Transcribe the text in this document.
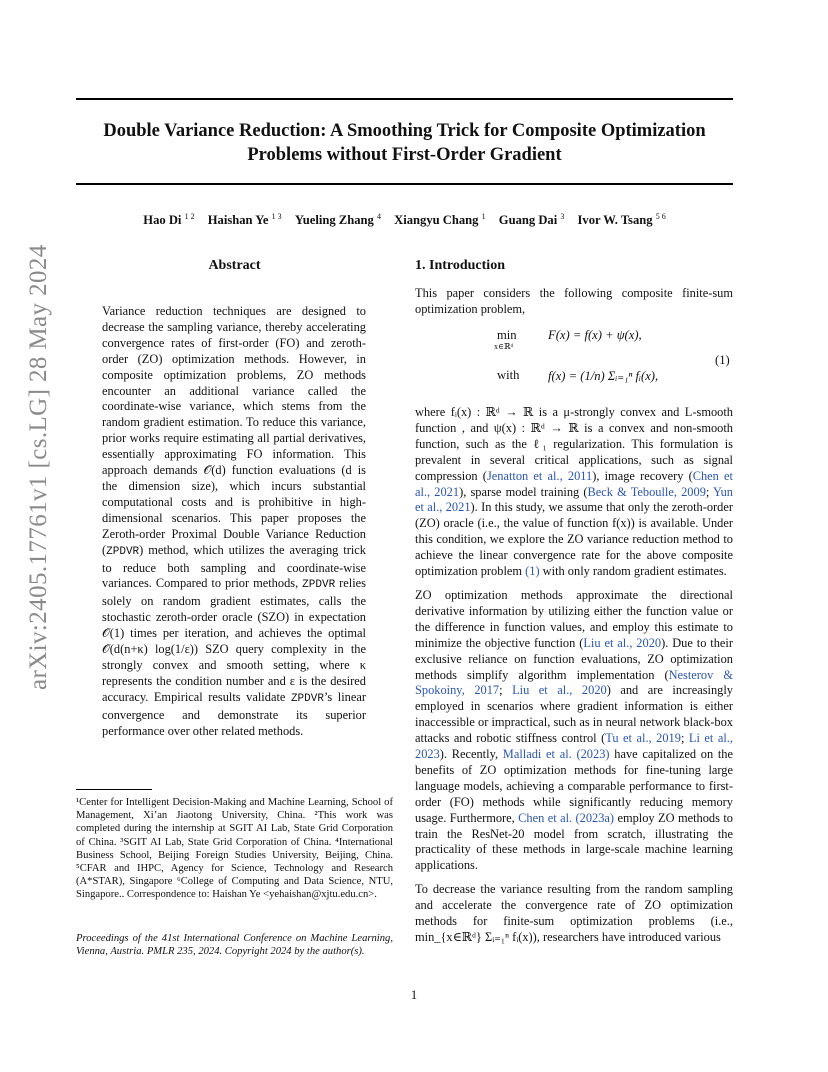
arXiv:2405.17761v1 [cs.LG] 28 May 2024
Double Variance Reduction: A Smoothing Trick for Composite Optimization
Problems without First-Order Gradient
Hao Di $^{1 2}$ Haishan Ye $^{1 3}$ Yueling Zhang $^4$ Xiangyu Chang $^1$ Guang Dai $^3$ Ivor W. Tsang $^{5 6}$
Abstract

Variance reduction techniques are designed to decrease the sampling variance, thereby accelerating convergence rates of first-order (FO) and zeroth-order (ZO) optimization methods. However, in composite optimization problems, ZO methods encounter an additional variance called the coordinate-wise variance, which stems from the random gradient estimation. To reduce this variance, prior works require estimating all partial derivatives, essentially approximating FO information. This approach demands 𝒪(d) function evaluations (d is the dimension size), which incurs substantial computational costs and is prohibitive in high-dimensional scenarios. This paper proposes the Zeroth-order Proximal Double Variance Reduction (ZPDVR) method, which utilizes the averaging trick to reduce both sampling and coordinate-wise variances. Compared to prior methods, ZPDVR relies solely on random gradient estimates, calls the stochastic zeroth-order oracle (SZO) in expectation 𝒪(1) times per iteration, and achieves the optimal 𝒪(d(n+κ) log(1/ε)) SZO query complexity in the strongly convex and smooth setting, where κ represents the condition number and ε is the desired accuracy. Empirical results validate ZPDVR’s linear convergence and demonstrate its superior performance over other related methods.

1. Introduction

This paper considers the following composite finite-sum optimization problem,

min
x∈ℝᵈ
F(x) = f(x) + ψ(x),
with f(x) = (1/n) Σᵢ₌₁ⁿ fᵢ(x),
(1)

where fᵢ(x) : ℝᵈ → ℝ is a μ-strongly convex and L-smooth function , and ψ(x) : ℝᵈ → ℝ is a convex and non-smooth function, such as the ℓ₁ regularization. This formulation is prevalent in several critical applications, such as signal compression (Jenatton et al., 2011), image recovery (Chen et al., 2021), sparse model training (Beck & Teboulle, 2009; Yun et al., 2021). In this study, we assume that only the zeroth-order (ZO) oracle (i.e., the value of function f(x)) is available. Under this condition, we explore the ZO variance reduction method to achieve the linear convergence rate for the above composite optimization problem (1) with only random gradient estimates.

ZO optimization methods approximate the directional derivative information by utilizing either the function value or the difference in function values, and employ this estimate to minimize the objective function (Liu et al., 2020). Due to their exclusive reliance on function evaluations, ZO optimization methods simplify algorithm implementation (Nesterov & Spokoiny, 2017; Liu et al., 2020) and are increasingly employed in scenarios where gradient information is either inaccessible or impractical, such as in neural network black-box attacks and robotic stiffness control (Tu et al., 2019; Li et al., 2023). Recently, Malladi et al. (2023) have capitalized on the benefits of ZO optimization methods for fine-tuning large language models, achieving a comparable performance to first-order (FO) methods while significantly reducing memory usage. Furthermore, Chen et al. (2023a) employ ZO methods to train the ResNet-20 model from scratch, illustrating the practicality of these methods in large-scale machine learning applications.

To decrease the variance resulting from the random sampling and accelerate the convergence rate of ZO optimization methods for finite-sum optimization problems (i.e., min_{x∈ℝᵈ} Σᵢ₌₁ⁿ fᵢ(x)), researchers have introduced various

¹Center for Intelligent Decision-Making and Machine Learning, School of Management, Xi’an Jiaotong University, China. ²This work was completed during the internship at SGIT AI Lab, State Grid Corporation of China. ³SGIT AI Lab, State Grid Corporation of China. ⁴International Business School, Beijing Foreign Studies University, Beijing, China. ⁵CFAR and IHPC, Agency for Science, Technology and Research (A*STAR), Singapore ⁶College of Computing and Data Science, NTU, Singapore.. Correspondence to: Haishan Ye <yehaishan@xjtu.edu.cn>.

Proceedings of the 41st International Conference on Machine Learning, Vienna, Austria. PMLR 235, 2024. Copyright 2024 by the author(s).

1
